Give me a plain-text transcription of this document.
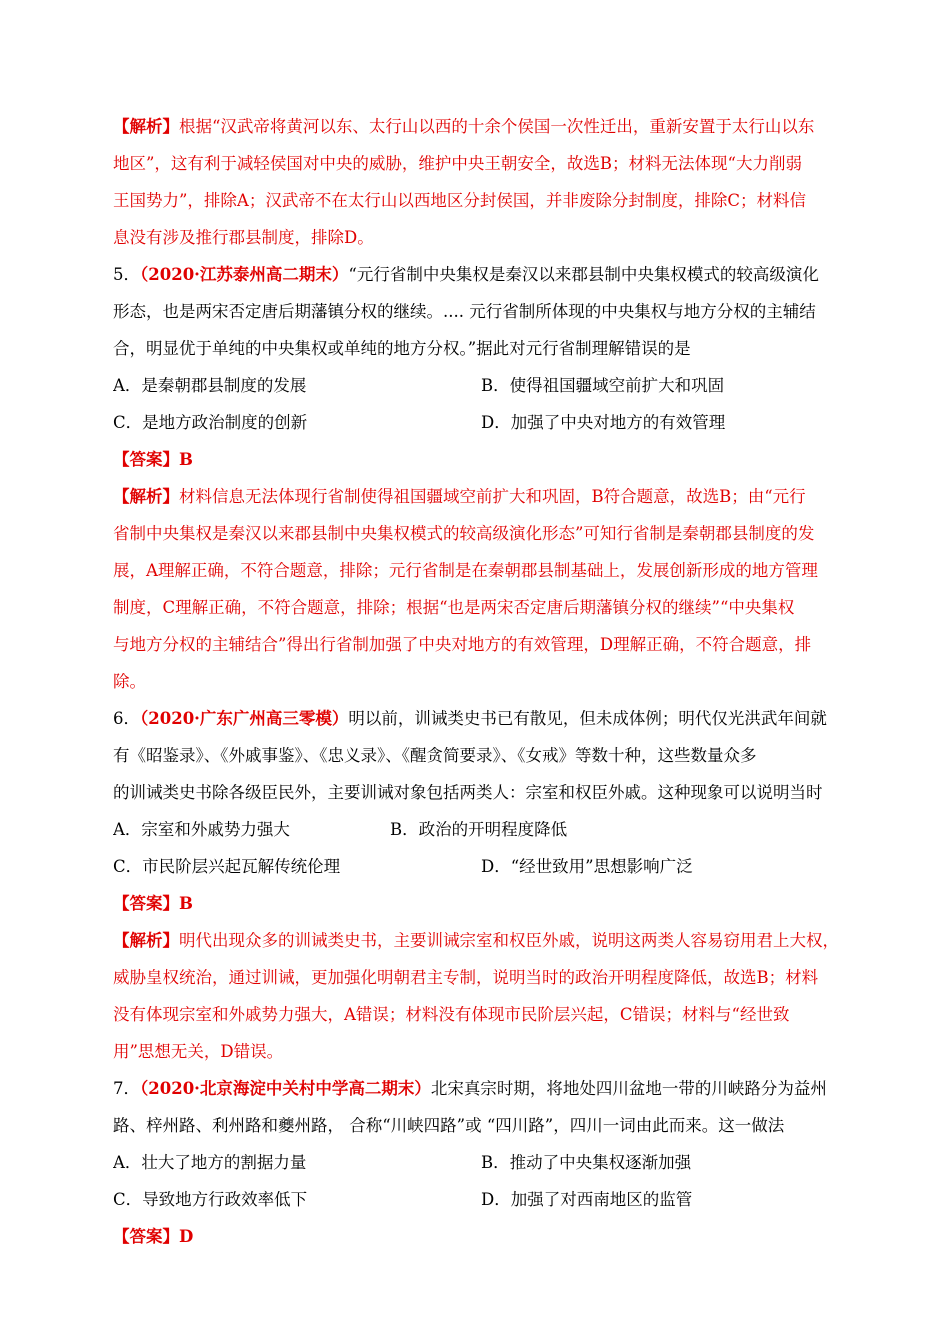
【解析】根据“汉武帝将黄河以东、太行山以西的十余个侯国一次性迁出，重新安置于太行山以东
地区”，这有利于减轻侯国对中央的威胁，维护中央王朝安全，故选B；材料无法体现“大力削弱
王国势力”，排除A；汉武帝不在太行山以西地区分封侯国，并非废除分封制度，排除C；材料信
息没有涉及推行郡县制度，排除D。
5．（2020·江苏泰州高二期末）“元行省制中央集权是秦汉以来郡县制中央集权模式的较高级演化
形态，也是两宋否定唐后期藩镇分权的继续。.... 元行省制所体现的中央集权与地方分权的主辅结
合，明显优于单纯的中央集权或单纯的地方分权。”据此对元行省制理解错误的是
A．是秦朝郡县制度的发展	B．使得祖国疆域空前扩大和巩固
C．是地方政治制度的创新	D．加强了中央对地方的有效管理
【答案】B
【解析】材料信息无法体现行省制使得祖国疆域空前扩大和巩固，B符合题意，故选B；由“元行
省制中央集权是秦汉以来郡县制中央集权模式的较高级演化形态”可知行省制是秦朝郡县制度的发
展，A理解正确，不符合题意，排除；元行省制是在秦朝郡县制基础上，发展创新形成的地方管理
制度，C理解正确，不符合题意，排除；根据“也是两宋否定唐后期藩镇分权的继续”“中央集权
与地方分权的主辅结合”得出行省制加强了中央对地方的有效管理，D理解正确，不符合题意，排
除。
6．（2020·广东广州高三零模）明以前，训诫类史书已有散见，但未成体例；明代仅光洪武年间就
有《昭鉴录》、《外戚事鉴》、《忠义录》、《醒贪简要录》、《女戒》等数十种，这些数量众多
的训诫类史书除各级臣民外，主要训诫对象包括两类人：宗室和权臣外戚。这种现象可以说明当时
A．宗室和外戚势力强大	B．政治的开明程度降低
C．市民阶层兴起瓦解传统伦理	D．“经世致用”思想影响广泛
【答案】B
【解析】明代出现众多的训诫类史书，主要训诫宗室和权臣外戚，说明这两类人容易窃用君上大权，
威胁皇权统治，通过训诫，更加强化明朝君主专制，说明当时的政治开明程度降低，故选B；材料
没有体现宗室和外戚势力强大，A错误；材料没有体现市民阶层兴起，C错误；材料与“经世致
用”思想无关，D错误。
7．（2020·北京海淀中关村中学高二期末）北宋真宗时期，将地处四川盆地一带的川峡路分为益州
路、梓州路、利州路和夔州路， 合称“川峡四路”或 “四川路”，四川一词由此而来。这一做法
A．壮大了地方的割据力量	B．推动了中央集权逐渐加强
C．导致地方行政效率低下	D．加强了对西南地区的监管
【答案】D
